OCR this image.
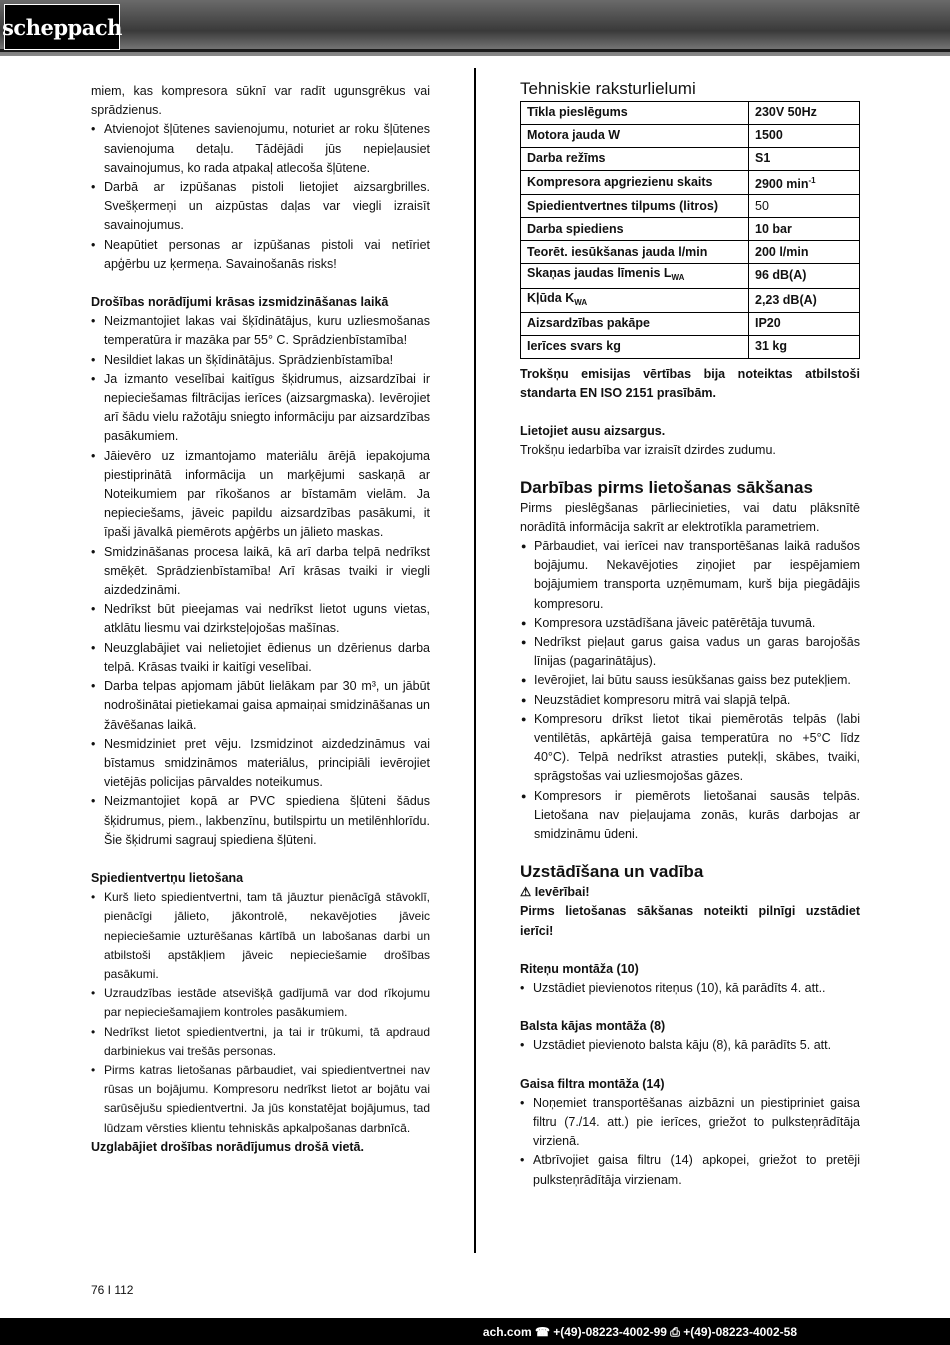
scheppach

miem, kas kompresora sūknī var radīt ugunsgrēkus vai sprādzienus.

• Atvienojot šļūtenes savienojumu, noturiet ar roku šļūtenes savienojuma detaļu. Tādējādi jūs nepieļausiet savainojumus, ko rada atpakaļ atlecoša šļūtene.
• Darbā ar izpūšanas pistoli lietojiet aizsargbrilles. Svešķermeņi un aizpūstas daļas var viegli izraisīt savainojumus.
• Neapūtiet personas ar izpūšanas pistoli vai netīriet apģērbu uz ķermeņa. Savainošanās risks!
Drošības norādījumi krāsas izsmidzināšanas laikā
• Neizmantojiet lakas vai šķīdinātājus, kuru uzliesmošanas temperatūra ir mazāka par 55° C. Sprādzienbīstamība!
• Nesildiet lakas un šķīdinātājus. Sprādzienbīstamība!
• Ja izmanto veselībai kaitīgus šķidrumus, aizsardzībai ir nepieciešamas filtrācijas ierīces (aizsargmaska). Ievērojiet arī šādu vielu ražotāju sniegto informāciju par aizsardzības pasākumiem.
• Jāievēro uz izmantojamo materiālu ārējā iepakojuma piestiprinātā informācija un marķējumi saskaņā ar Noteikumiem par rīkošanos ar bīstamām vielām. Ja nepieciešams, jāveic papildu aizsardzības pasākumi, it īpaši jāvalkā piemērots apģērbs un jālieto maskas.
• Smidzināšanas procesa laikā, kā arī darba telpā nedrīkst smēķēt. Sprādzienbīstamība! Arī krāsas tvaiki ir viegli aizdedzināmi.
• Nedrīkst būt pieejamas vai nedrīkst lietot uguns vietas, atklātu liesmu vai dzirksteļojošas mašīnas.
• Neuzglabājiet vai nelietojiet ēdienus un dzērienus darba telpā. Krāsas tvaiki ir kaitīgi veselībai.
• Darba telpas apjomam jābūt lielākam par 30 m³, un jābūt nodrošinātai pietiekamai gaisa apmaiņai smidzināšanas un žāvēšanas laikā.
• Nesmidziniet pret vēju. Izsmidzinot aizdedzināmus vai bīstamus smidzināmos materiālus, principiāli ievērojiet vietējās policijas pārvaldes noteikumus.
• Neizmantojiet kopā ar PVC spiediena šļūteni šādus šķidrumus, piem., lakbenzīnu, butilspirtu un metilēnhlorīdu. Šie šķidrumi sagrauj spiediena šļūteni.
Spiedientvertņu lietošana
• Kurš lieto spiedientvertni, tam tā jāuztur pienācīgā stāvoklī, pienācīgi jālieto, jākontrolē, nekavējoties jāveic nepieciešamie uzturēšanas kārtībā un labošanas darbi un atbilstoši apstākļiem jāveic nepieciešamie drošības pasākumi.
• Uzraudzības iestāde atsevišķā gadījumā var dod rīkojumu par nepieciešamajiem kontroles pasākumiem.
• Nedrīkst lietot spiedientvertni, ja tai ir trūkumi, tā apdraud darbiniekus vai trešās personas.
• Pirms katras lietošanas pārbaudiet, vai spiedientvertnei nav rūsas un bojājumu. Kompresoru nedrīkst lietot ar bojātu vai sarūsējušu spiedientvertni. Ja jūs konstatējat bojājumus, tad lūdzam vērsties klientu tehniskās apkalpošanas darbnīcā.
Uzglabājiet drošības norādījumus drošā vietā.
Tehniskie raksturlielumi
Tīkla pieslēgums	230V 50Hz
Motora jauda W	1500
Darba režīms	S1
Kompresora apgriezienu skaits	2900 $\min^{-1}$
Spiedientvertnes tilpums (litros)	50
Darba spiediens	10 bar
Teorēt. iesūkšanas jauda l/min	200 l/min
Skaņas jaudas līmenis $L_{WA}$	96 dB(A)
Kļūda $K_{WA}$	2,23 dB(A)
Aizsardzības pakāpe	IP20
Ierīces svars kg	31 kg

Trokšņu emisijas vērtības bija noteiktas atbilstoši standarta EN ISO 2151 prasībām.

Lietojiet ausu aizsargus.

Trokšņu iedarbība var izraisīt dzirdes zudumu.

Darbības pirms lietošanas sākšanas

Pirms pieslēgšanas pārliecinieties, vai datu plāksnītē norādītā informācija sakrīt ar elektrotīkla parametriem.

● Pārbaudiet, vai ierīcei nav transportēšanas laikā radušos bojājumu. Nekavējoties ziņojiet par iespējamiem bojājumiem transporta uzņēmumam, kurš bija piegādājis kompresoru.
● Kompresora uzstādīšana jāveic patērētāja tuvumā.
● Nedrīkst pieļaut garus gaisa vadus un garas barojošās līnijas (pagarinātājus).
● Ievērojiet, lai būtu sauss iesūkšanas gaiss bez putekļiem.
● Neuzstādiet kompresoru mitrā vai slapjā telpā.
● Kompresoru drīkst lietot tikai piemērotās telpās (labi ventilētās, apkārtējā gaisa temperatūra no +5°C līdz 40°C). Telpā nedrīkst atrasties putekļi, skābes, tvaiki, sprāgstošas vai uzliesmojošas gāzes.
● Kompresors ir piemērots lietošanai sausās telpās. Lietošana nav pieļaujama zonās, kurās darbojas ar smidzināmu ūdeni.
Uzstādīšana un vadība
⚠ Ievērībai!

Pirms lietošanas sākšanas noteikti pilnīgi uzstādiet ierīci!

Riteņu montāža (10)
• Uzstādiet pievienotos riteņus (10), kā parādīts 4. att..
Balsta kājas montāža (8)
• Uzstādiet pievienoto balsta kāju (8), kā parādīts 5. att.
Gaisa filtra montāža (14)
• Noņemiet transportēšanas aizbāzni un piestipriniet gaisa filtru (7./14. att.) pie ierīces, griežot to pulksteņrādītāja virzienā.
• Atbrīvojiet gaisa filtru (14) apkopei, griežot to pretēji pulksteņrādītāja virzienam.
76 I 112
ach.com ☎ +(49)-08223-4002-99 ⎙ +(49)-08223-4002-58
